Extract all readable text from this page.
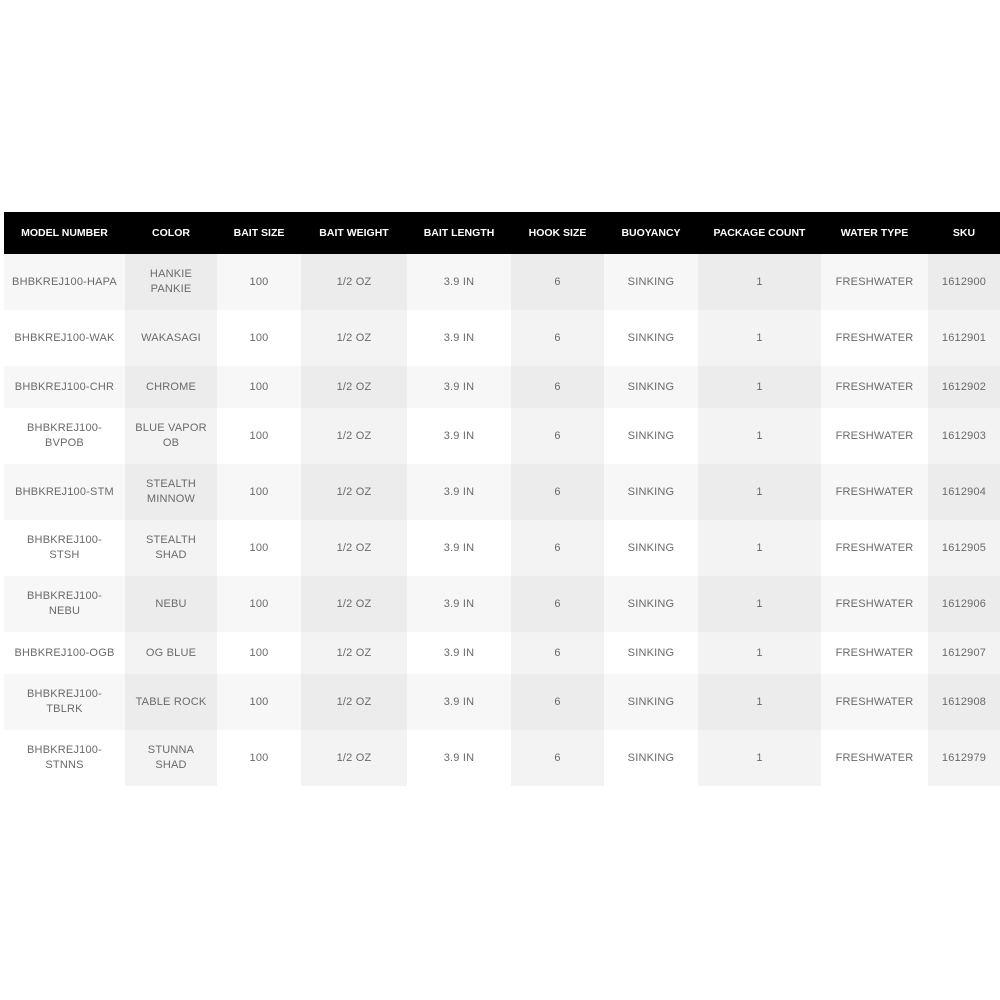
MODEL NUMBER	COLOR	BAIT SIZE	BAIT WEIGHT	BAIT LENGTH	HOOK SIZE	BUOYANCY	PACKAGE COUNT	WATER TYPE	SKU
BHBKREJ100-HAPA	HANKIE PANKIE	100	1/2 OZ	3.9 IN	6	SINKING	1	FRESHWATER	1612900
BHBKREJ100-WAK	WAKASAGI	100	1/2 OZ	3.9 IN	6	SINKING	1	FRESHWATER	1612901
BHBKREJ100-CHR	CHROME	100	1/2 OZ	3.9 IN	6	SINKING	1	FRESHWATER	1612902
BHBKREJ100-BVPOB	BLUE VAPOR OB	100	1/2 OZ	3.9 IN	6	SINKING	1	FRESHWATER	1612903
BHBKREJ100-STM	STEALTH MINNOW	100	1/2 OZ	3.9 IN	6	SINKING	1	FRESHWATER	1612904
BHBKREJ100-STSH	STEALTH SHAD	100	1/2 OZ	3.9 IN	6	SINKING	1	FRESHWATER	1612905
BHBKREJ100-NEBU	NEBU	100	1/2 OZ	3.9 IN	6	SINKING	1	FRESHWATER	1612906
BHBKREJ100-OGB	OG BLUE	100	1/2 OZ	3.9 IN	6	SINKING	1	FRESHWATER	1612907
BHBKREJ100-TBLRK	TABLE ROCK	100	1/2 OZ	3.9 IN	6	SINKING	1	FRESHWATER	1612908
BHBKREJ100-STNNS	STUNNA SHAD	100	1/2 OZ	3.9 IN	6	SINKING	1	FRESHWATER	1612979
